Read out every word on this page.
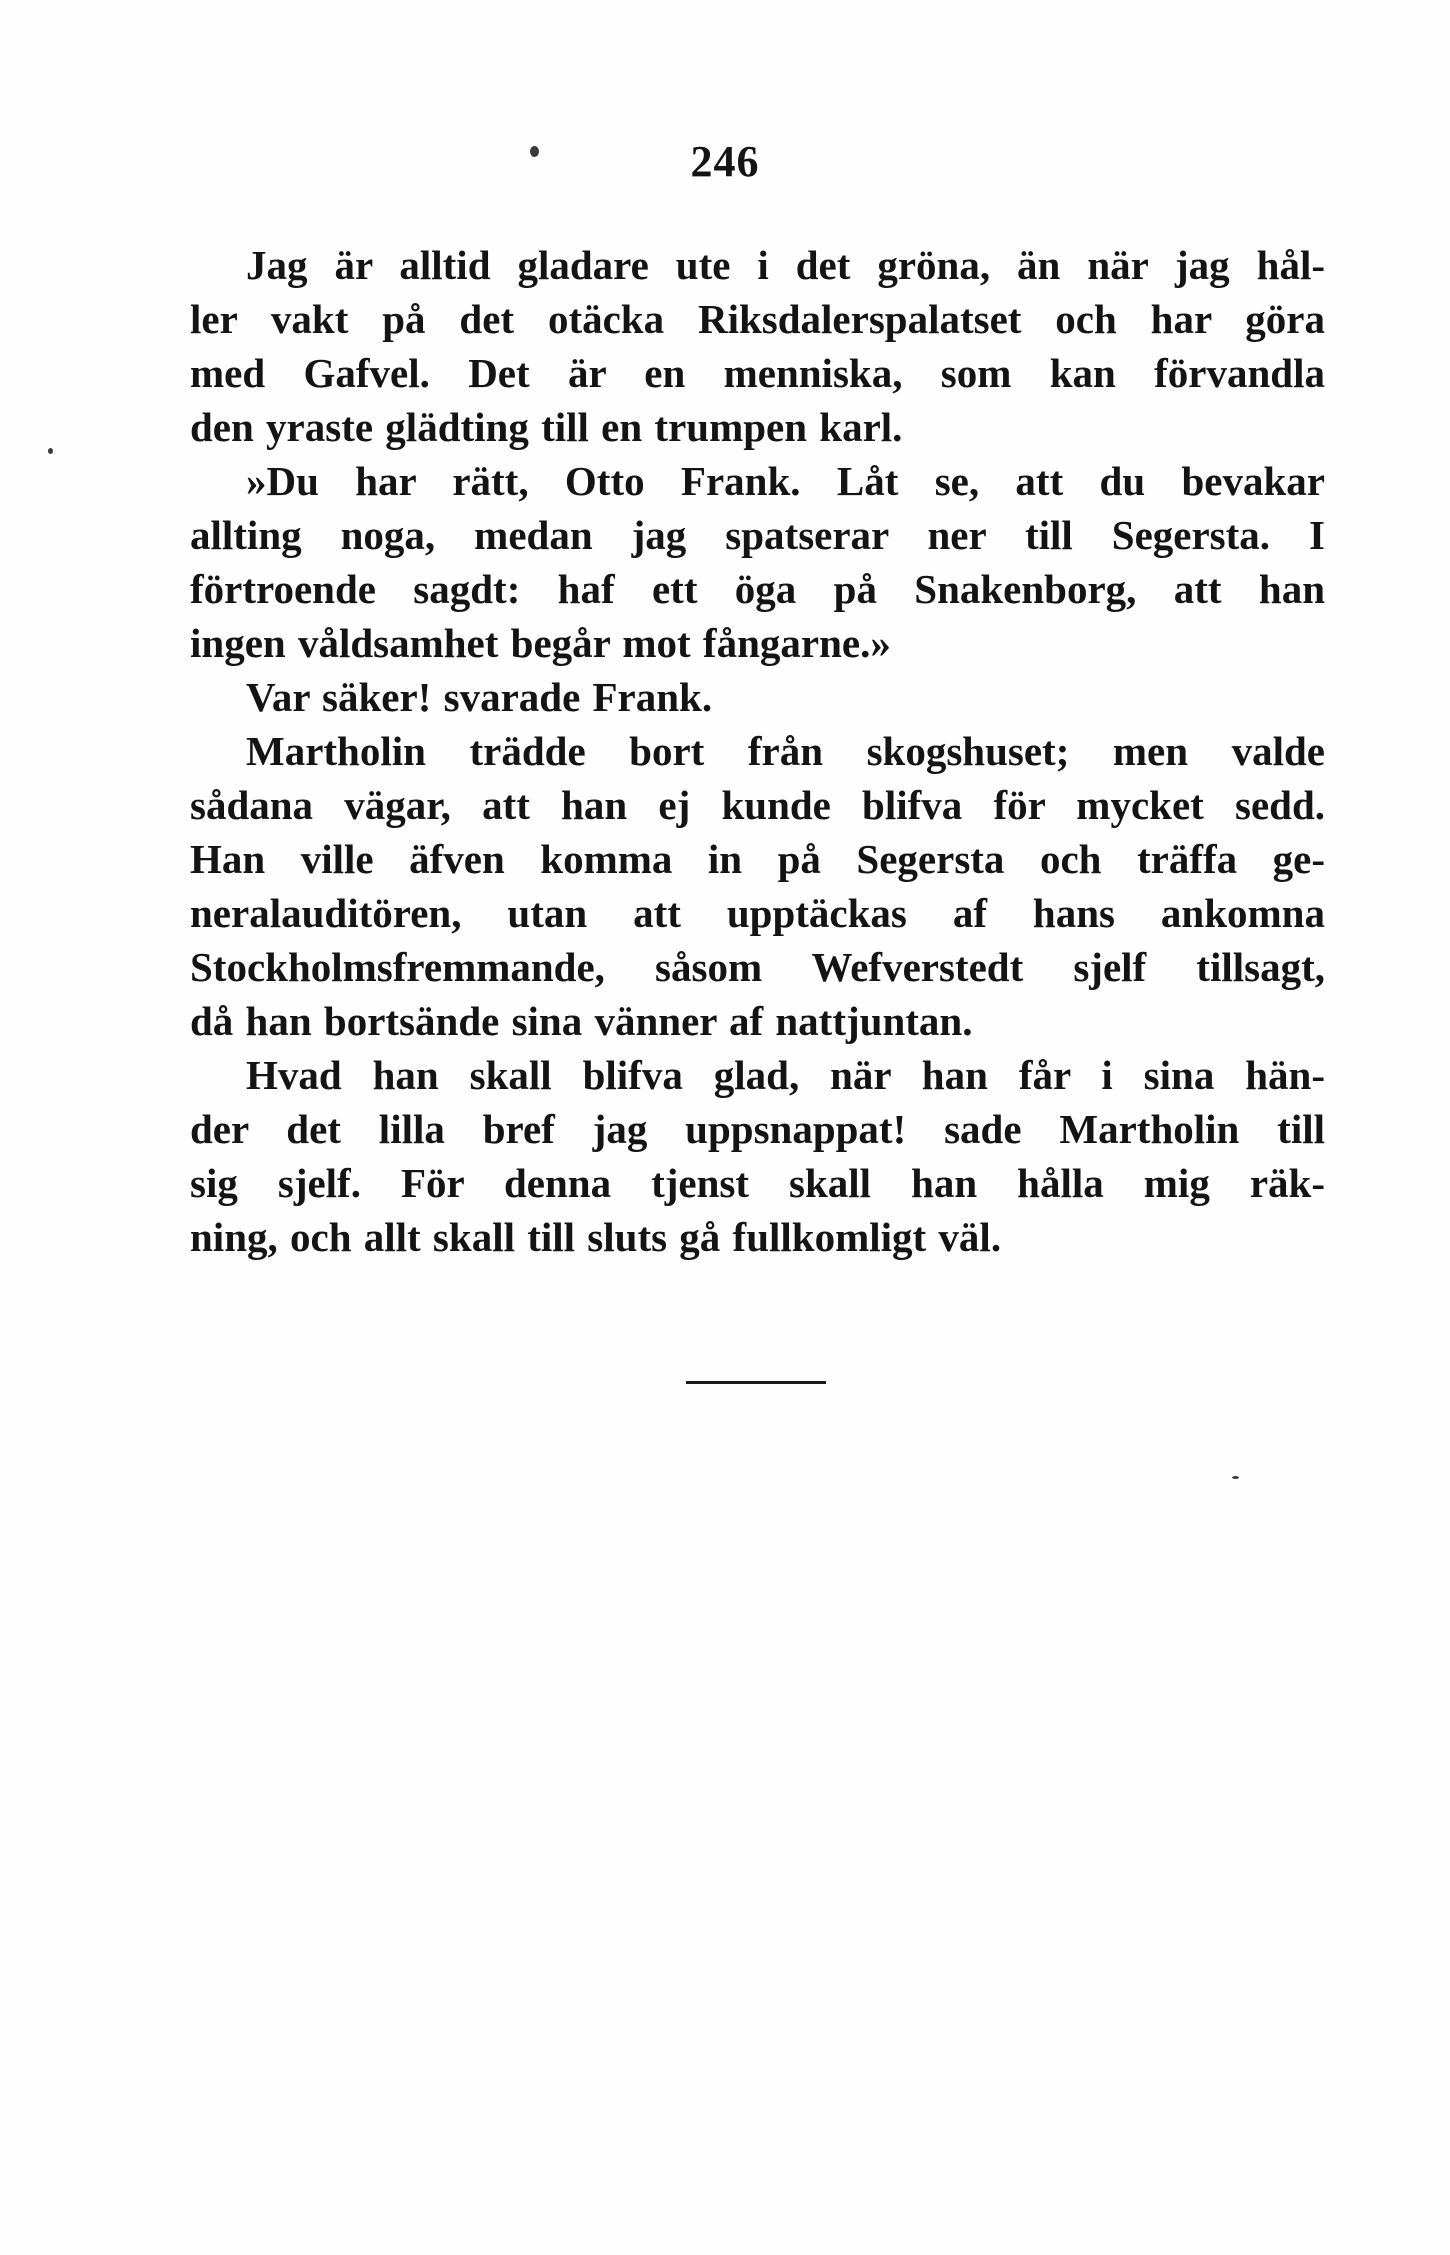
246
Jag är alltid gladare ute i det gröna, än när jag hål-
ler vakt på det otäcka Riksdalerspalatset och har göra
med Gafvel. Det är en menniska, som kan förvandla
den yraste glädting till en trumpen karl.
»Du har rätt, Otto Frank. Låt se, att du bevakar
allting noga, medan jag spatserar ner till Segersta. I
förtroende sagdt: haf ett öga på Snakenborg, att han
ingen våldsamhet begår mot fångarne.»
Var säker! svarade Frank.
Martholin trädde bort från skogshuset; men valde
sådana vägar, att han ej kunde blifva för mycket sedd.
Han ville äfven komma in på Segersta och träffa ge-
neralauditören, utan att upptäckas af hans ankomna
Stockholmsfremmande, såsom Wefverstedt sjelf tillsagt,
då han bortsände sina vänner af nattjuntan.
Hvad han skall blifva glad, när han får i sina hän-
der det lilla bref jag uppsnappat! sade Martholin till
sig sjelf. För denna tjenst skall han hålla mig räk-
ning, och allt skall till sluts gå fullkomligt väl.
